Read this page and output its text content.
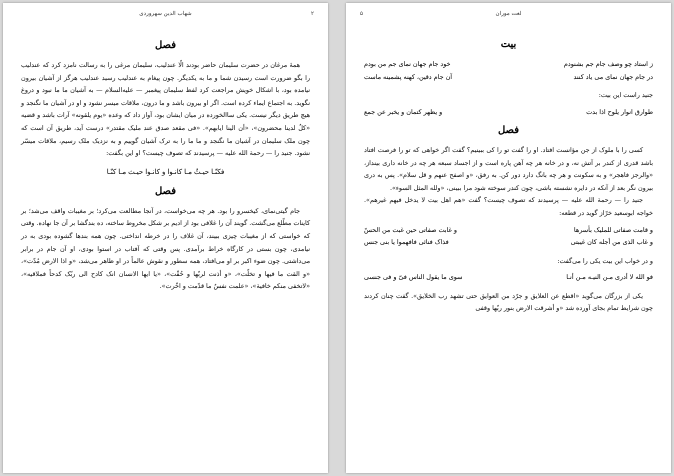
٢
شهاب الدين سهروردی
فصل

همهٔ مرغان در حضرت سلیمان حاضر بودند الّا عندلیب، سلیمان مرغی را به رسالت نامزد کرد که عندلیب را بگو ضرورت است رسیدن شما و ما به یکدیگر. چون پیغام به عندلیب رسید عندلیب هرگز از آشیان بیرون نیامده بود، با اشکال خویش مراجعت کرد لفظ سلیمان پیغمبر — علیه‌السلام — به آشیان ما ما نبود و دروغ نگوید. به اجتماع ایماء کرده است. اگر او بیرون باشد و ما درون، ملاقات میسر نشود و او در آشیان ما نگنجد و هیچ طریق دیگر نیست. یکی ساالخورده در میان ایشان بود، آواز داد که وعده «یوم یلقونه» آرات باشد و قضیه «کلٌ لدینا محضرون»، «أن الینا ایابهم». «فی مقعد صدق عند ملیک مقتدر» درست آید، طریق آن است که چون ملک سلیمان در آشیان ما نگنجد و ما ما را به ترک آشیان گوییم و به نزدیک ملک رسیم، ملاقات میسّر نشود. جنید را — رحمة الله علیه — پرسیدند که تصوف چیست؟ او این بگفت:

فکنّـا حیـثٌ مـا کانـوا و کانـوا حیـث مـا کنّـا
فصل

جام گیتی‌نمای، کیخسرو را بود. هر چه می‌خواست، در آنجا مطالعت می‌کرد؛ بر مغیبات واقف می‌شد؛ بر کاینات مطّلع می‌گشت. گویند آن را غلافی بود از ادیم بر شکل مخروط ساخته، ده بندگشا بر آن جا نهاده. وقتی که خواستی که از مغیبات چیزی ببیند، آن غلاف را در خرطه انداختی. چون همه بندها گشوده بودی به در نیامدی، چون بستی در کارگاه خراط برآمدی. پس وقتی که آفتاب در استوا بودی، او آن جام در برابر می‌داشتی. چون ضوء اکبر بر او می‌افتاد، همه سطور و نقوش عالماً در او ظاهر می‌شد، «و اذا الارض مُدّت»، «و القت ما فیها و تخلّت»، «و أذنت لربّها و حُقّت»، «یا ایها الانسان انک کادح الی ربّک کدحاً فملاقیه»، «لاتخفی منکم خافیة»، «علمت نفسٌ ما قدّمت و اخّرت».

۵	لغت موران
بیت
ز استاد چو وصف جام جم بشنودم
خود جام جهان نمای جم من بودم
در جام جهان نمای می یاد کنند
آن جام دقین، کهنه پشمینه ماست

جنید راست این بیت:

طوارق انوار یلوح اذا بدت
و یظهر کتمان و یخبر عن جمع
فصل

کسی را با ملوک از جن مؤانست افتاد. او را گفت تو را کی ببینیم؟ گفت اگر خواهی که تو را فرصت افتاد باشد قدری از کندر بر آتش نه، و در خانه هر چه آهن پاره است و از اجساد سبعه هر چه در خانه داری بینداز، «والرجز فاهجر» و به سکونت و هر چه بانگ دارد دور کن. به رفق، «و اصفح عنهم و قل سلام». پس به دری بیرون نگر بعد از آنکه در دایره نشسته باشی، چون کندر سوخته شود مرا ببینی، «ولله المثل السوء».

جنید را — رحمة الله علیه — پرسیدند که تصوف چیست؟ گفت «هم اهل بیت لا یدخل فیهم غیرهم». خواجه ابوسعید خرّاز گوید در قطعه:

و قامت صفاتی للملیک بأسرها
و غابت صفاتی حین غبت من الحسّ
و غاب الذی من أجله کان غیبتی
فذاک فنائی فافهموا یا بنی جنس

و در خواب این بیت یکی را می‌گفت:

فو الله لا أدری مـن النیـه مـن أنـا
سوی ما یقول الناس فیّ و فی جنسی

یکی از بزرگان می‌گوید «اقطع عن العلایق و جرّد من العوایق حتی تشهد رب الخلایق». گفت چنان کردند چون شرایط تمام بجای آورده شد «و أشرقت الارض بنور ربّها وقفی
